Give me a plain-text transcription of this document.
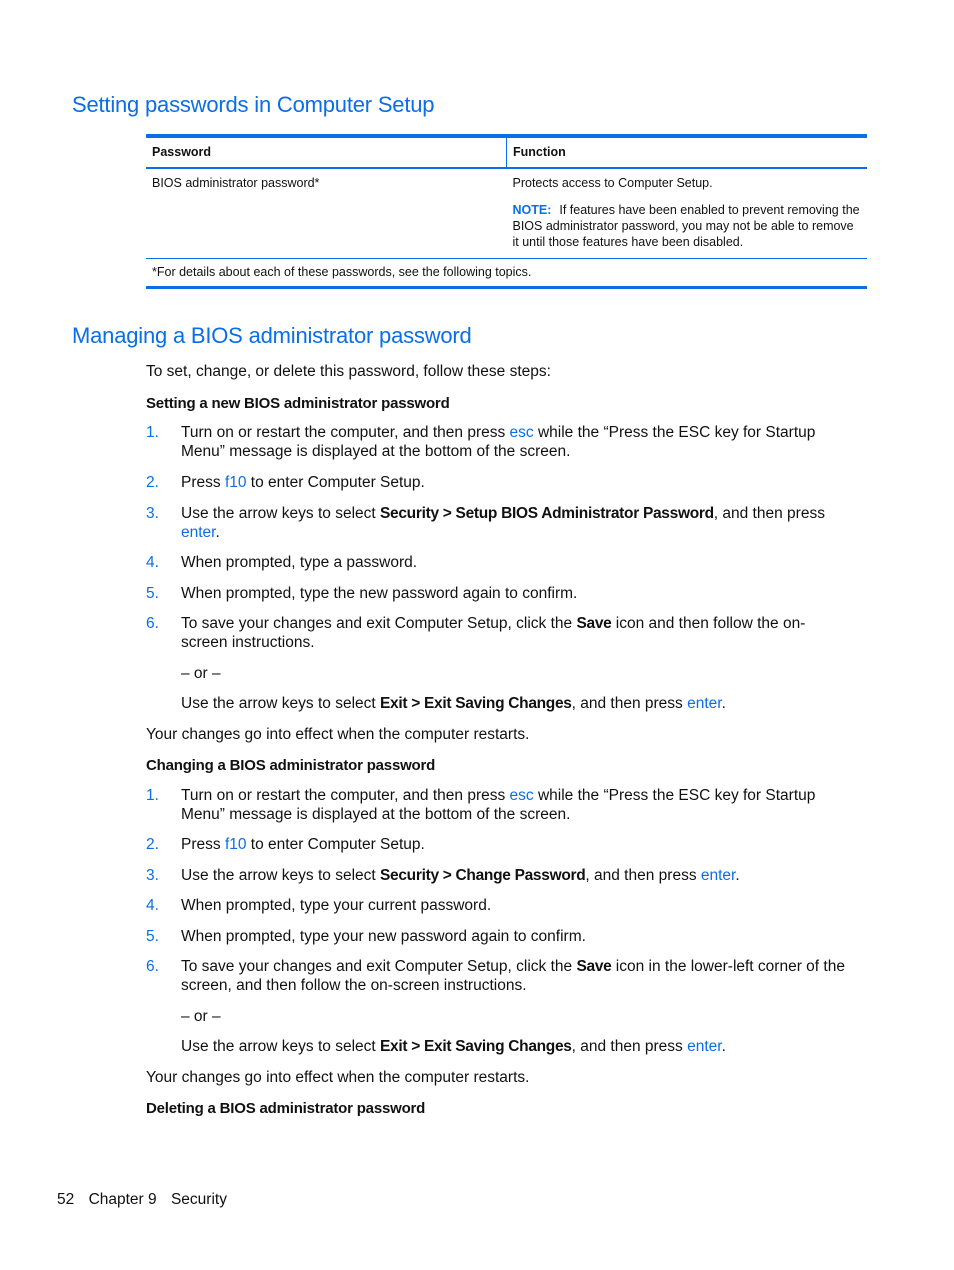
Setting passwords in Computer Setup
Password	Function
BIOS administrator password*	Protects access to Computer Setup.
NOTE: If features have been enabled to prevent removing the BIOS administrator password, you may not be able to remove it until those features have been disabled.

*For details about each of these passwords, see the following topics.	
Managing a BIOS administrator password

To set, change, or delete this password, follow these steps:

Setting a new BIOS administrator password

1. Turn on or restart the computer, and then press esc while the “Press the ESC key for Startup Menu” message is displayed at the bottom of the screen.
2. Press f10 to enter Computer Setup.
3. Use the arrow keys to select Security > Setup BIOS Administrator Password, and then press enter.
4. When prompted, type a password.
5. When prompted, type the new password again to confirm.
6. To save your changes and exit Computer Setup, click the Save icon and then follow the on-screen instructions.

– or –

Use the arrow keys to select Exit > Exit Saving Changes, and then press enter.

Your changes go into effect when the computer restarts.

Changing a BIOS administrator password

1. Turn on or restart the computer, and then press esc while the “Press the ESC key for Startup Menu” message is displayed at the bottom of the screen.
2. Press f10 to enter Computer Setup.
3. Use the arrow keys to select Security > Change Password, and then press enter.
4. When prompted, type your current password.
5. When prompted, type your new password again to confirm.
6. To save your changes and exit Computer Setup, click the Save icon in the lower-left corner of the screen, and then follow the on-screen instructions.

– or –

Use the arrow keys to select Exit > Exit Saving Changes, and then press enter.

Your changes go into effect when the computer restarts.

Deleting a BIOS administrator password

52 Chapter 9 Security
